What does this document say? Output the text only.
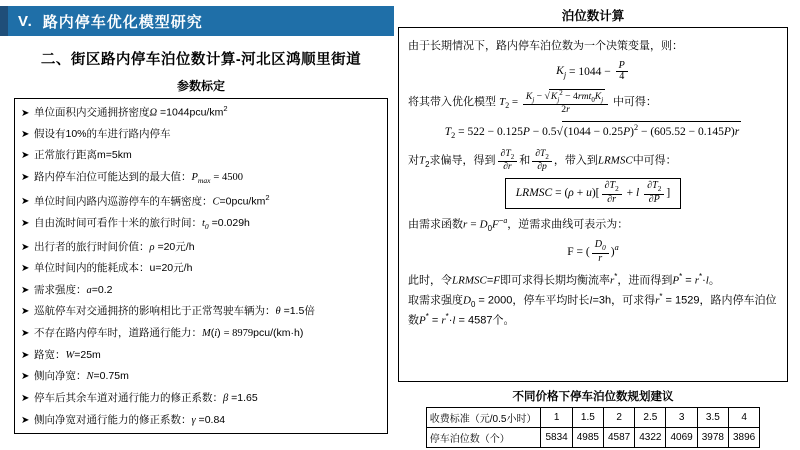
V. 路内停车优化模型研究
二、街区路内停车泊位数计算-河北区鸿顺里街道
参数标定
➤ 单位面积内交通拥挤密度$\Omega =1044pcu/km^2$
➤ 假设有10%的车进行路内停车
➤ 正常旅行距离m=5km
➤ 路内停车泊位可能达到的最大值：$P_{max} = 4500$
➤ 单位时间内路内巡游停车的车辆密度：$C=0pcu/km^2$
➤ 自由流时间可看作十米的旅行时间：$t_0 =0.029h$
➤ 出行者的旅行时间价值：ρ =20元/h
➤ 单位时间内的能耗成本：u=20元/h
➤ 需求强度：a=0.2
➤ 巡航停车对交通拥挤的影响相比于正常驾驶车辆为：θ =1.5倍
➤ 不存在路内停车时，道路通行能力：M(i) = 8979pcu/(km·h)
➤ 路宽：W=25m
➤ 侧向净宽：N=0.75m
➤ 停车后其余车道对通行能力的修正系数：β =1.65
➤ 侧向净宽对通行能力的修正系数：γ =0.84
泊位数计算
由于长期情况下，路内停车泊位数为一个决策变量，则：
$K_j = 1044 - \frac{P}{4}$
将其带入优化模型 $T_2 = \frac{K_j - √K_j^2 - 4rmt_0K_j}{2r}$ 中可得：
$T_2 = 522 - 0.125P - 0.5√(1044 - 0.25P)^2 - (605.52 - 0.145P)r$
对$T_2$求偏导，得到 $\frac{\partial T_2}{\partial r}$ 和 $\frac{\partial T_2}{\partial p}$ ，带入到LRMSC中可得：
LRMSC = $(\rho + u)[ \frac{\partial T_2}{\partial r} + l \frac{\partial T_2}{\partial P}$ ]
由需求函数$r = D_0F^{-a}$，逆需求曲线可表示为：
F = ( $\frac{D_0}{r} )^a$
此时，令LRMSC=F即可求得长期均衡流率r*，进而得到P* = r*·l。
取需求强度$D_0 = 2000$，停车平均时长l=3h，可求得r* = 1529，路内停车泊位数P* = r*·l = 4587个。
不同价格下停车泊位数规划建议
收费标准（元/0.5小时）	1	1.5	2	2.5	3	3.5	4
停车泊位数（个）	5834	4985	4587	4322	4069	3978	3896
